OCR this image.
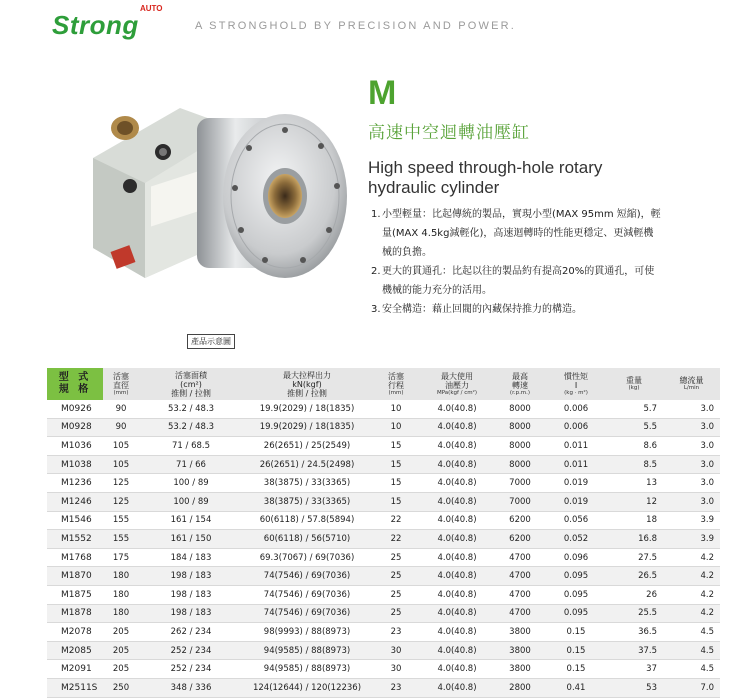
Strong
AUTO
A STRONGHOLD BY PRECISION AND POWER.
產品示意圖
M
高速中空迴轉油壓缸
High speed through-hole rotary hydraulic cylinder
1. 小型輕量：比起傳統的製品，實現小型(MAX 95mm 短縮)，輕量(MAX 4.5kg減輕化)，高速迴轉時的性能更穩定、更減輕機械的負擔。
2. 更大的貫通孔：比起以往的製品約有提高20%的貫通孔，可使機械的能力充分的活用。
3. 安全構造：藉止回閥的內藏保持推力的構造。
型 式
規 格	活塞
直徑
(mm)	活塞面積
(cm²)
推側 / 拉側	最大拉桿出力
kN(kgf)
推側 / 拉側	活塞
行程
(mm)	最大使用
油壓力
MPa(kgf / cm²)	最高
轉速
(r.p.m.)	慣性矩
I
(kg · m²)	重量
(kg)	總流量
L/min

M0926	90	53.2 / 48.3	19.9(2029) / 18(1835)	10	4.0(40.8)	8000	0.006	5.7	3.0
M0928	90	53.2 / 48.3	19.9(2029) / 18(1835)	10	4.0(40.8)	8000	0.006	5.5	3.0
M1036	105	71 / 68.5	26(2651) / 25(2549)	15	4.0(40.8)	8000	0.011	8.6	3.0
M1038	105	71 / 66	26(2651) / 24.5(2498)	15	4.0(40.8)	8000	0.011	8.5	3.0
M1236	125	100 / 89	38(3875) / 33(3365)	15	4.0(40.8)	7000	0.019	13	3.0
M1246	125	100 / 89	38(3875) / 33(3365)	15	4.0(40.8)	7000	0.019	12	3.0
M1546	155	161 / 154	60(6118) / 57.8(5894)	22	4.0(40.8)	6200	0.056	18	3.9
M1552	155	161 / 150	60(6118) / 56(5710)	22	4.0(40.8)	6200	0.052	16.8	3.9
M1768	175	184 / 183	69.3(7067) / 69(7036)	25	4.0(40.8)	4700	0.096	27.5	4.2
M1870	180	198 / 183	74(7546) / 69(7036)	25	4.0(40.8)	4700	0.095	26.5	4.2
M1875	180	198 / 183	74(7546) / 69(7036)	25	4.0(40.8)	4700	0.095	26	4.2
M1878	180	198 / 183	74(7546) / 69(7036)	25	4.0(40.8)	4700	0.095	25.5	4.2
M2078	205	262 / 234	98(9993) / 88(8973)	23	4.0(40.8)	3800	0.15	36.5	4.5
M2085	205	252 / 234	94(9585) / 88(8973)	30	4.0(40.8)	3800	0.15	37.5	4.5
M2091	205	252 / 234	94(9585) / 88(8973)	30	4.0(40.8)	3800	0.15	37	4.5
M2511S	250	348 / 336	124(12644) / 120(12236)	23	4.0(40.8)	2800	0.41	53	7.0
